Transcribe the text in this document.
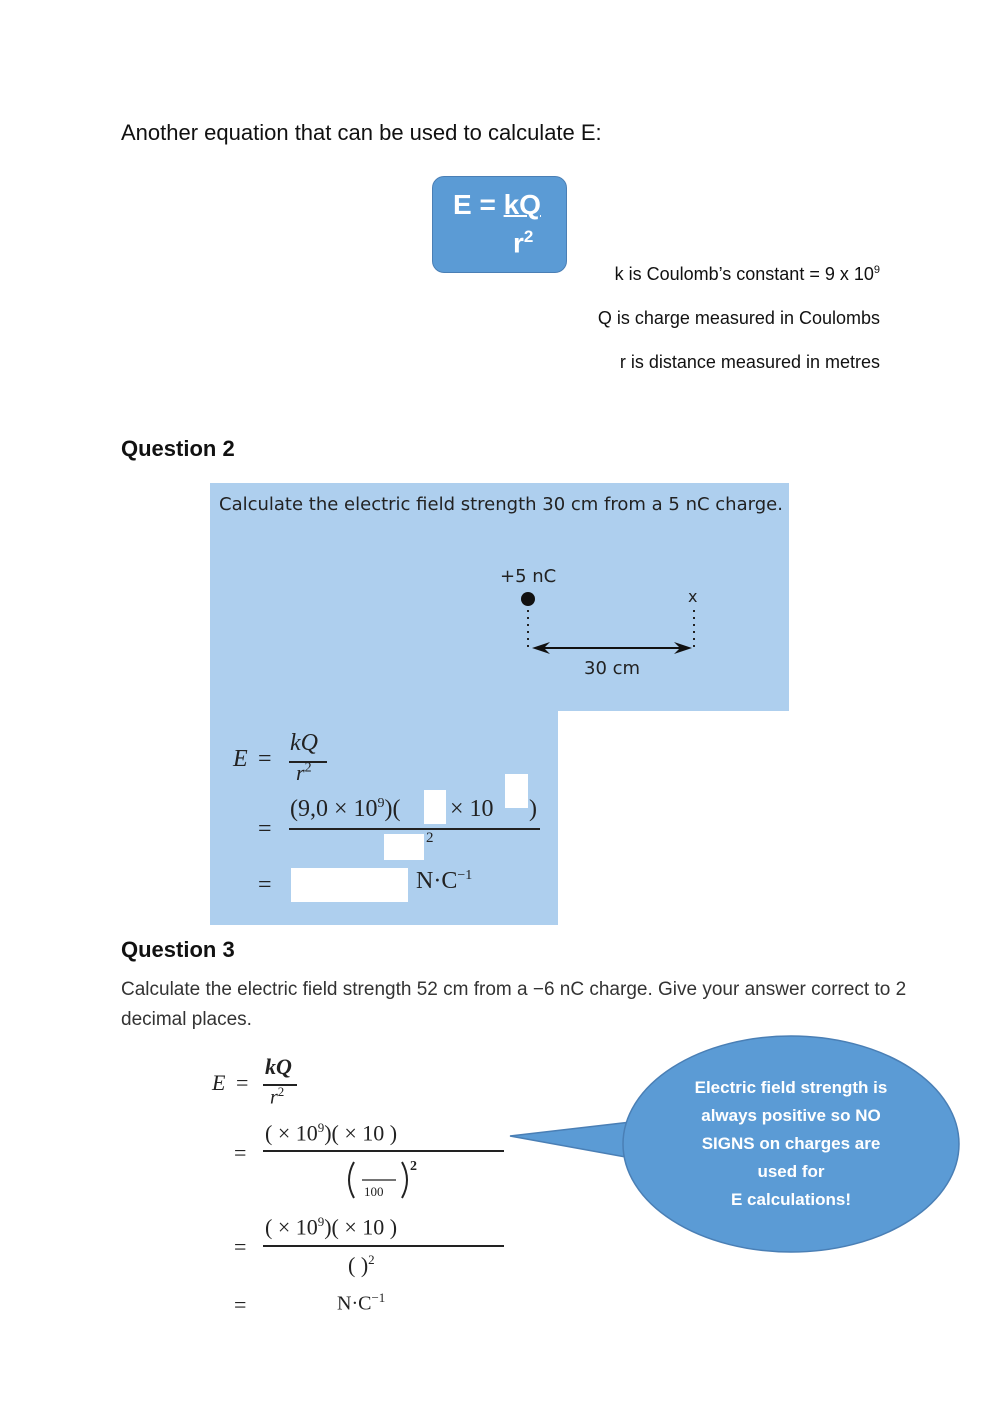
Another equation that can be used to calculate E:
E = kQ
$r^2$
k is Coulomb’s constant = 9 x $10^9$
Q is charge measured in Coulombs
r is distance measured in metres
Question 2
Calculate the electric field strength 30 cm from a 5 nC charge.
+5 nC
x
30 cm
E =
kQ
$r^2$
=
$(9,0 \times 10^9)( \times 10$ )
2
=	$N\cdot C^{-1}$
Question 3
Calculate the electric field strength 52 cm from a −6 nC charge. Give your answer correct to 2 decimal places.
E =
kQ
$r^2$
=
( × $10^9)( \times 10$ )
100
2
=
( × $10^9)( \times 10$ )
( )$^2$
=	$N\cdot C^{-1}$
Electric field strength is
always positive so NO
SIGNS on charges are
used for
E calculations!
